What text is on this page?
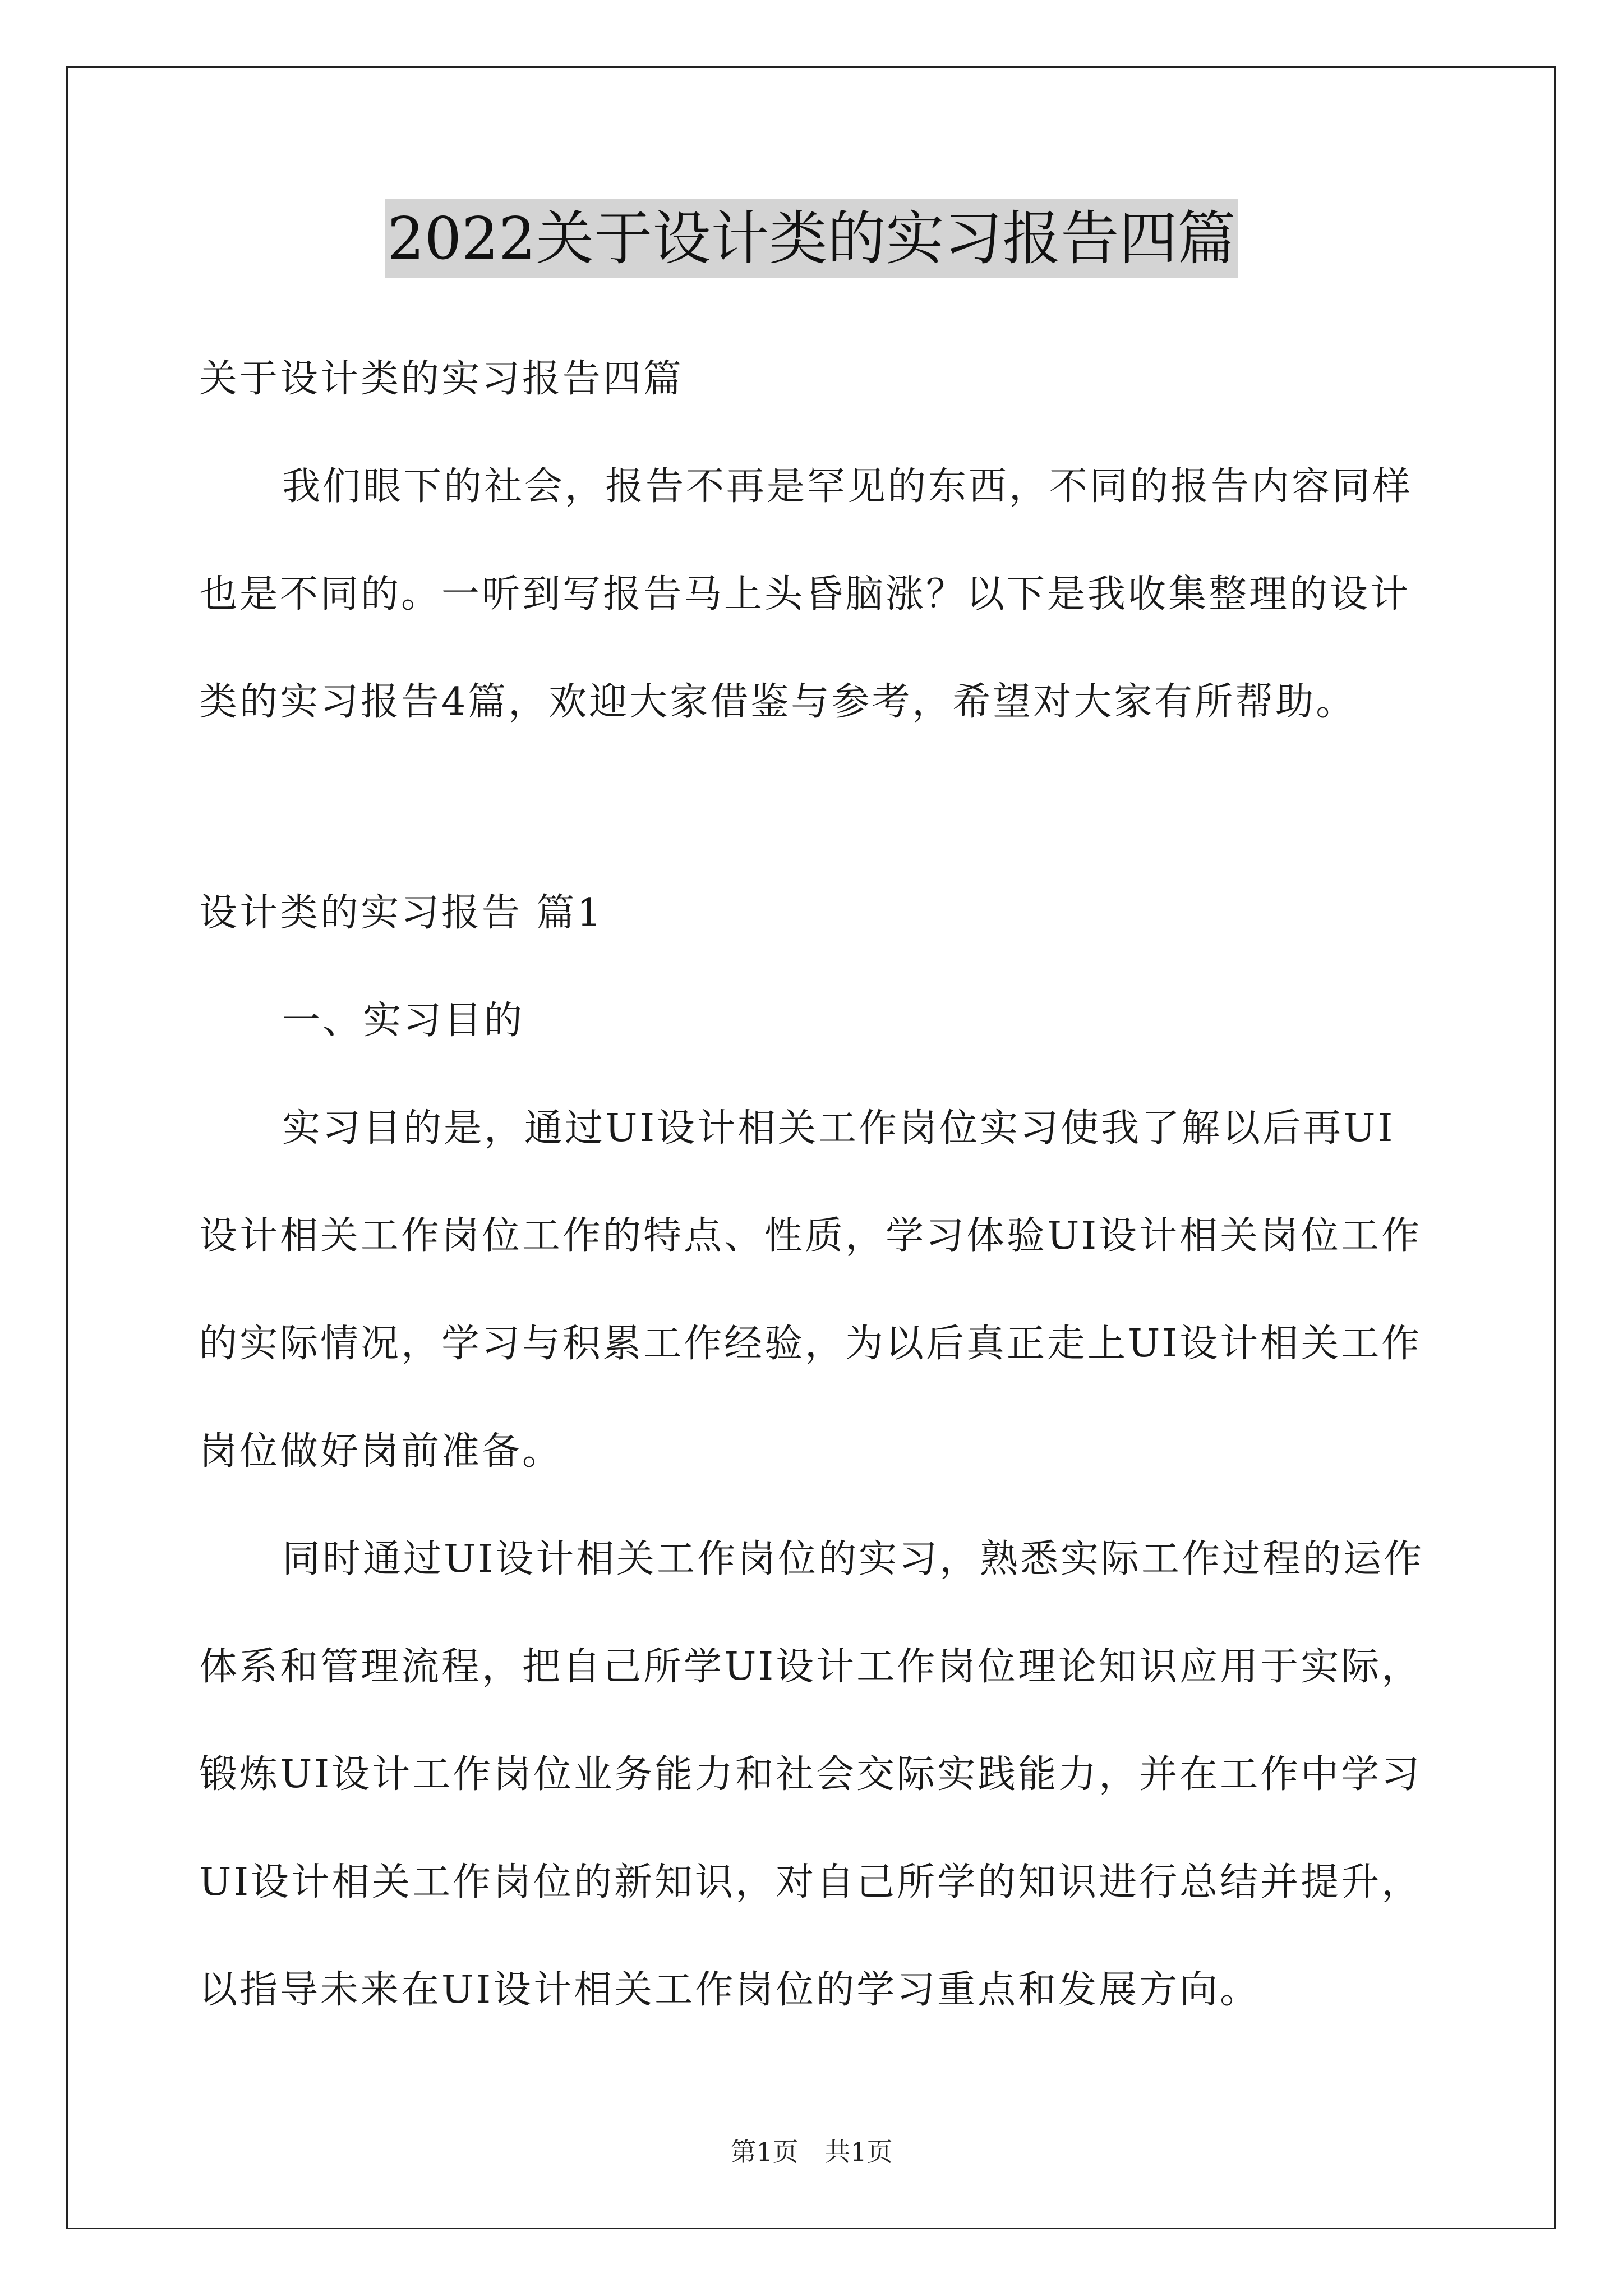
2022关于设计类的实习报告四篇
关于设计类的实习报告四篇
我们眼下的社会，报告不再是罕见的东西，不同的报告内容同样
也是不同的。一听到写报告马上头昏脑涨？以下是我收集整理的设计
类的实习报告4篇，欢迎大家借鉴与参考，希望对大家有所帮助。
设计类的实习报告 篇1
一、实习目的
实习目的是，通过UI设计相关工作岗位实习使我了解以后再UI
设计相关工作岗位工作的特点、性质，学习体验UI设计相关岗位工作
的实际情况，学习与积累工作经验，为以后真正走上UI设计相关工作
岗位做好岗前准备。
同时通过UI设计相关工作岗位的实习，熟悉实际工作过程的运作
体系和管理流程，把自己所学UI设计工作岗位理论知识应用于实际，
锻炼UI设计工作岗位业务能力和社会交际实践能力，并在工作中学习
UI设计相关工作岗位的新知识，对自己所学的知识进行总结并提升，
以指导未来在UI设计相关工作岗位的学习重点和发展方向。
第1页 共1页
